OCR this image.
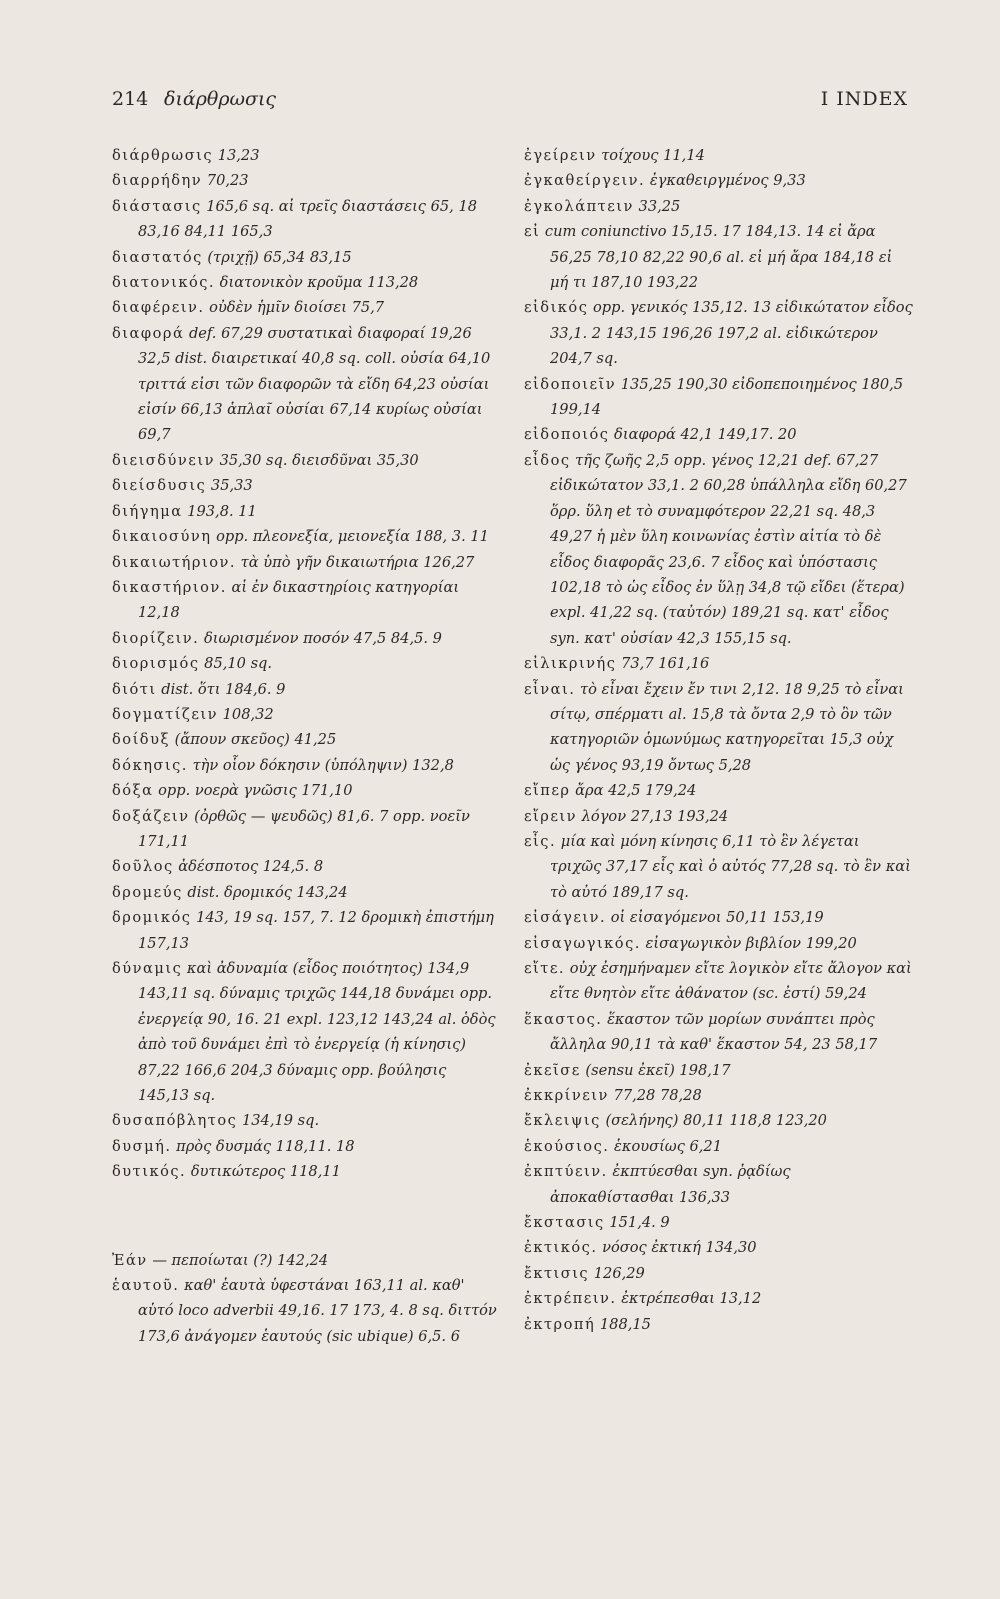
214 διάρθρωσις	I INDEX

διάρθρωσις 13,23

διαρρήδην 70,23

διάστασις 165,6 sq. αἱ τρεῖς διαστάσεις 65, 18 83,16 84,11 165,3

διαστατός (τριχῇ) 65,34 83,15

διατονικός. διατονικὸν κροῦμα 113,28

διαφέρειν. οὐδὲν ἡμῖν διοίσει 75,7

διαφορά def. 67,29 συστατικαὶ διαφοραί 19,26 32,5 dist. διαιρετικαί 40,8 sq. coll. οὐσία 64,10 τριττά εἰσι τῶν διαφορῶν τὰ εἴδη 64,23 οὐσίαι εἰσίν 66,13 ἁπλαῖ οὐσίαι 67,14 κυρίως οὐσίαι 69,7

διεισδύνειν 35,30 sq. διεισδῦναι 35,30

διείσδυσις 35,33

διήγημα 193,8. 11

δικαιοσύνη opp. πλεονεξία, μειονεξία 188, 3. 11

δικαιωτήριον. τὰ ὑπὸ γῆν δικαιωτήρια 126,27

δικαστήριον. αἱ ἐν δικαστηρίοις κατηγορίαι 12,18

διορίζειν. διωρισμένον ποσόν 47,5 84,5. 9

διορισμός 85,10 sq.

διότι dist. ὅτι 184,6. 9

δογματίζειν 108,32

δοίδυξ (ἄπουν σκεῦος) 41,25

δόκησις. τὴν οἷον δόκησιν (ὑπόληψιν) 132,8

δόξα opp. νοερὰ γνῶσις 171,10

δοξάζειν (ὀρθῶς — ψευδῶς) 81,6. 7 opp. νοεῖν 171,11

δοῦλος ἀδέσποτος 124,5. 8

δρομεύς dist. δρομικός 143,24

δρομικός 143, 19 sq. 157, 7. 12 δρομικὴ ἐπιστήμη 157,13

δύναμις καὶ ἀδυναμία (εἶδος ποιότητος) 134,9 143,11 sq. δύναμις τριχῶς 144,18 δυνάμει opp. ἐνεργείᾳ 90, 16. 21 expl. 123,12 143,24 al. ὁδὸς ἀπὸ τοῦ δυνάμει ἐπὶ τὸ ἐνεργείᾳ (ἡ κίνησις) 87,22 166,6 204,3 δύναμις opp. βούλησις 145,13 sq.

δυσαπόβλητος 134,19 sq.

δυσμή. πρὸς δυσμάς 118,11. 18

δυτικός. δυτικώτερος 118,11

Ἐάν — πεποίωται (?) 142,24

ἑαυτοῦ. καθ' ἑαυτὰ ὑφεστάναι 163,11 al. καθ' αὑτό loco adverbii 49,16. 17 173, 4. 8 sq. διττόν 173,6 ἀνάγομεν ἑαυτούς (sic ubique) 6,5. 6

ἐγείρειν τοίχους 11,14

ἐγκαθείργειν. ἐγκαθειργμένος 9,33

ἐγκολάπτειν 33,25

εἰ cum coniunctivo 15,15. 17 184,13. 14 εἰ ἄρα 56,25 78,10 82,22 90,6 al. εἰ μή ἄρα 184,18 εἰ μή τι 187,10 193,22

εἰδικός opp. γενικός 135,12. 13 εἰδικώτατον εἶδος 33,1. 2 143,15 196,26 197,2 al. εἰδικώτερον 204,7 sq.

εἰδοποιεῖν 135,25 190,30 εἰδοπεποιημένος 180,5 199,14

εἰδοποιός διαφορά 42,1 149,17. 20

εἶδος τῆς ζωῆς 2,5 opp. γένος 12,21 def. 67,27 εἰδικώτατον 33,1. 2 60,28 ὑπάλληλα εἴδη 60,27 ὅρρ. ὕλη et τὸ συναμφότερον 22,21 sq. 48,3 49,27 ἡ μὲν ὕλη κοινωνίας ἐστὶν αἰτία τὸ δὲ εἶδος διαφορᾶς 23,6. 7 εἶδος καὶ ὑπόστασις 102,18 τὸ ὡς εἶδος ἐν ὕλῃ 34,8 τῷ εἴδει (ἕτερα) expl. 41,22 sq. (ταὐτόν) 189,21 sq. κατ' εἶδος syn. κατ' οὐσίαν 42,3 155,15 sq.

εἰλικρινής 73,7 161,16

εἶναι. τὸ εἶναι ἔχειν ἔν τινι 2,12. 18 9,25 τὸ εἶναι σίτῳ, σπέρματι al. 15,8 τὰ ὄντα 2,9 τὸ ὂν τῶν κατηγοριῶν ὁμωνύμως κατηγορεῖται 15,3 οὐχ ὡς γένος 93,19 ὄντως 5,28

εἴπερ ἄρα 42,5 179,24

εἴρειν λόγον 27,13 193,24

εἷς. μία καὶ μόνη κίνησις 6,11 τὸ ἓν λέγεται τριχῶς 37,17 εἷς καὶ ὁ αὐτός 77,28 sq. τὸ ἓν καὶ τὸ αὐτό 189,17 sq.

εἰσάγειν. οἱ εἰσαγόμενοι 50,11 153,19

εἰσαγωγικός. εἰσαγωγικὸν βιβλίον 199,20

εἴτε. οὐχ ἐσημήναμεν εἴτε λογικὸν εἴτε ἄλογον καὶ εἴτε θνητὸν εἴτε ἀθάνατον (sc. ἐστί) 59,24

ἕκαστος. ἕκαστον τῶν μορίων συνάπτει πρὸς ἄλληλα 90,11 τὰ καθ' ἕκαστον 54, 23 58,17

ἐκεῖσε (sensu ἐκεῖ) 198,17

ἐκκρίνειν 77,28 78,28

ἔκλειψις (σελήνης) 80,11 118,8 123,20

ἑκούσιος. ἑκουσίως 6,21

ἐκπτύειν. ἐκπτύεσθαι syn. ῥᾳδίως ἀποκαθίστασθαι 136,33

ἔκστασις 151,4. 9

ἐκτικός. νόσος ἐκτική 134,30

ἔκτισις 126,29

ἐκτρέπειν. ἐκτρέπεσθαι 13,12

ἐκτροπή 188,15
